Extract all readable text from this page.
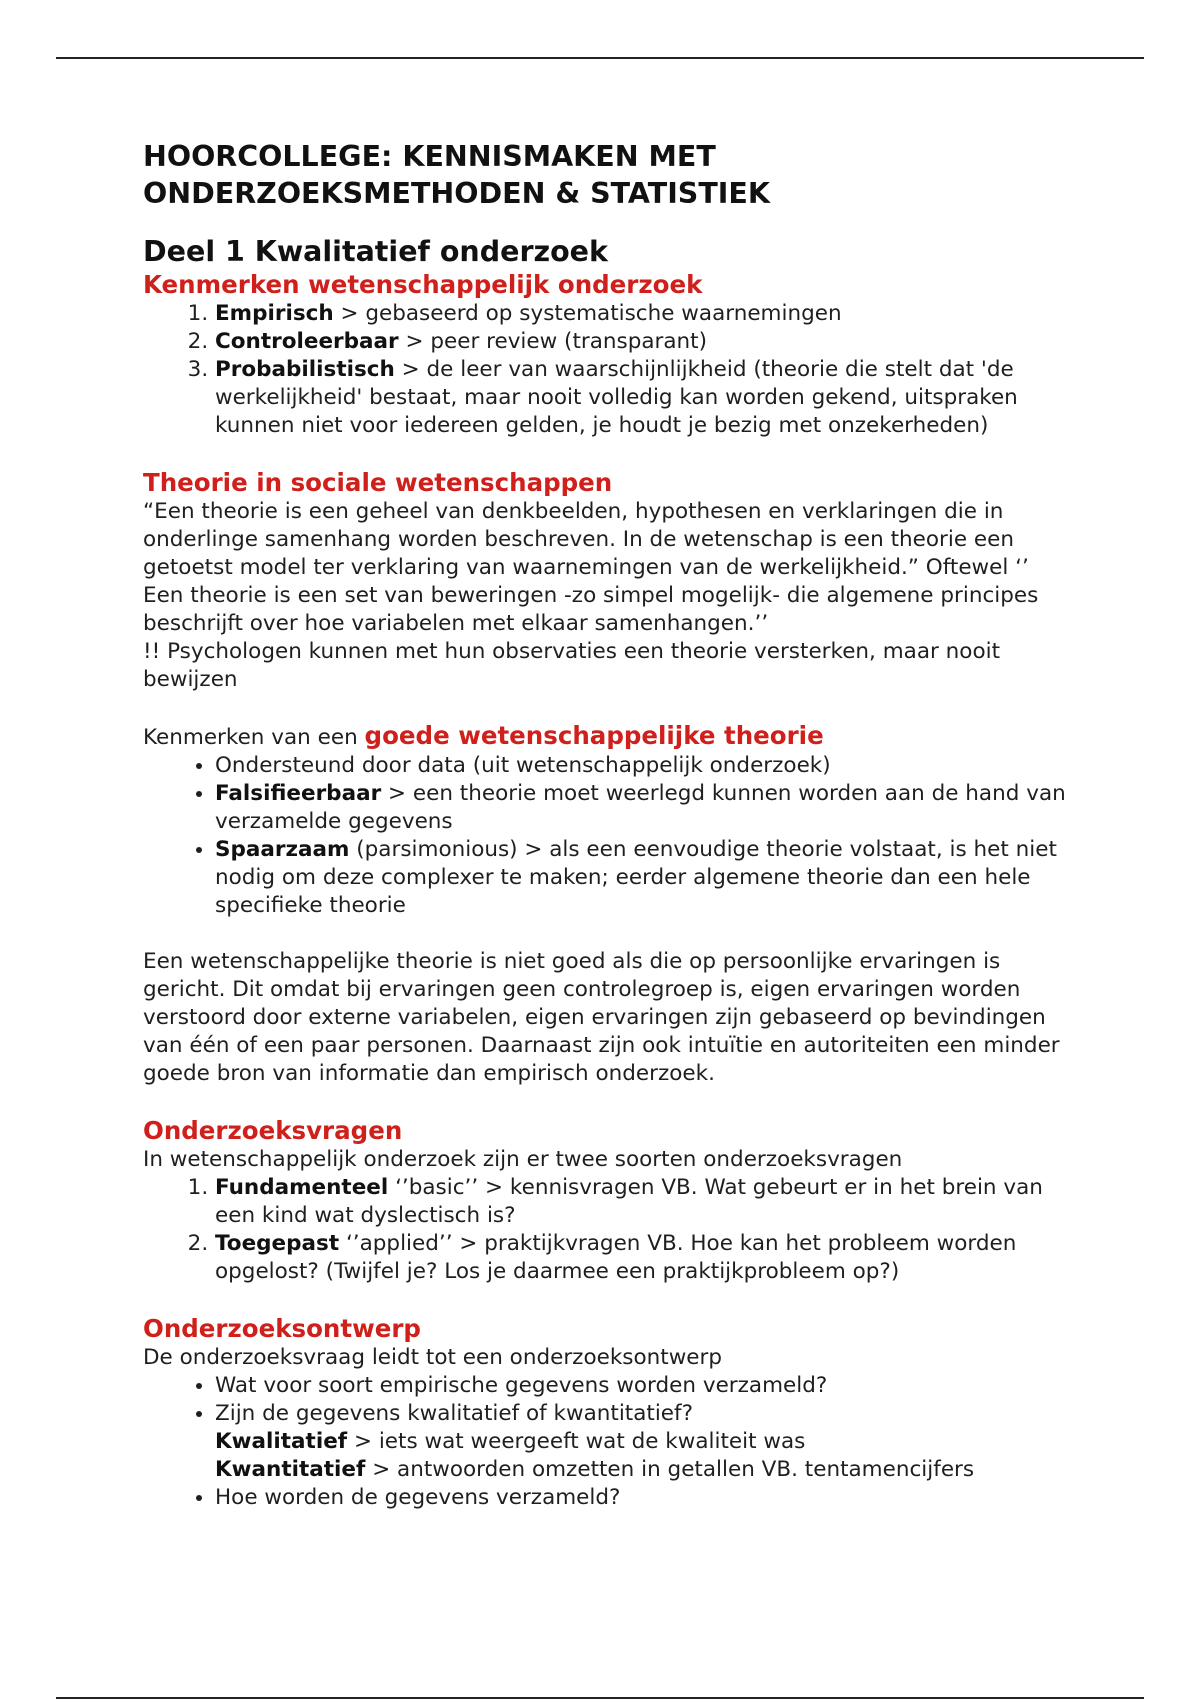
HOORCOLLEGE: KENNISMAKEN MET
ONDERZOEKSMETHODEN & STATISTIEK
Deel 1 Kwalitatief onderzoek
Kenmerken wetenschappelijk onderzoek
1. Empirisch > gebaseerd op systematische waarnemingen
2. Controleerbaar > peer review (transparant)
3. Probabilistisch > de leer van waarschijnlijkheid (theorie die stelt dat 'de werkelijkheid' bestaat, maar nooit volledig kan worden gekend, uitspraken kunnen niet voor iedereen gelden, je houdt je bezig met onzekerheden)
Theorie in sociale wetenschappen

“Een theorie is een geheel van denkbeelden, hypothesen en verklaringen die in onderlinge samenhang worden beschreven. In de wetenschap is een theorie een getoetst model ter verklaring van waarnemingen van de werkelijkheid.” Oftewel ‘’ Een theorie is een set van beweringen -zo simpel mogelijk- die algemene principes beschrijft over hoe variabelen met elkaar samenhangen.’’

!! Psychologen kunnen met hun observaties een theorie versterken, maar nooit bewijzen

Kenmerken van een goede wetenschappelijke theorie

• Ondersteund door data (uit wetenschappelijk onderzoek)
• Falsifieerbaar > een theorie moet weerlegd kunnen worden aan de hand van verzamelde gegevens
• Spaarzaam (parsimonious) > als een eenvoudige theorie volstaat, is het niet nodig om deze complexer te maken; eerder algemene theorie dan een hele specifieke theorie

Een wetenschappelijke theorie is niet goed als die op persoonlijke ervaringen is gericht. Dit omdat bij ervaringen geen controlegroep is, eigen ervaringen worden verstoord door externe variabelen, eigen ervaringen zijn gebaseerd op bevindingen van één of een paar personen. Daarnaast zijn ook intuïtie en autoriteiten een minder goede bron van informatie dan empirisch onderzoek.

Onderzoeksvragen

In wetenschappelijk onderzoek zijn er twee soorten onderzoeksvragen

1. Fundamenteel ‘’basic’’ > kennisvragen VB. Wat gebeurt er in het brein van een kind wat dyslectisch is?
2. Toegepast ‘’applied’’ > praktijkvragen VB. Hoe kan het probleem worden opgelost? (Twijfel je? Los je daarmee een praktijkprobleem op?)
Onderzoeksontwerp

De onderzoeksvraag leidt tot een onderzoeksontwerp

• Wat voor soort empirische gegevens worden verzameld?
• Zijn de gegevens kwalitatief of kwantitatief?
Kwalitatief > iets wat weergeeft wat de kwaliteit was
Kwantitatief > antwoorden omzetten in getallen VB. tentamencijfers
• Hoe worden de gegevens verzameld?
